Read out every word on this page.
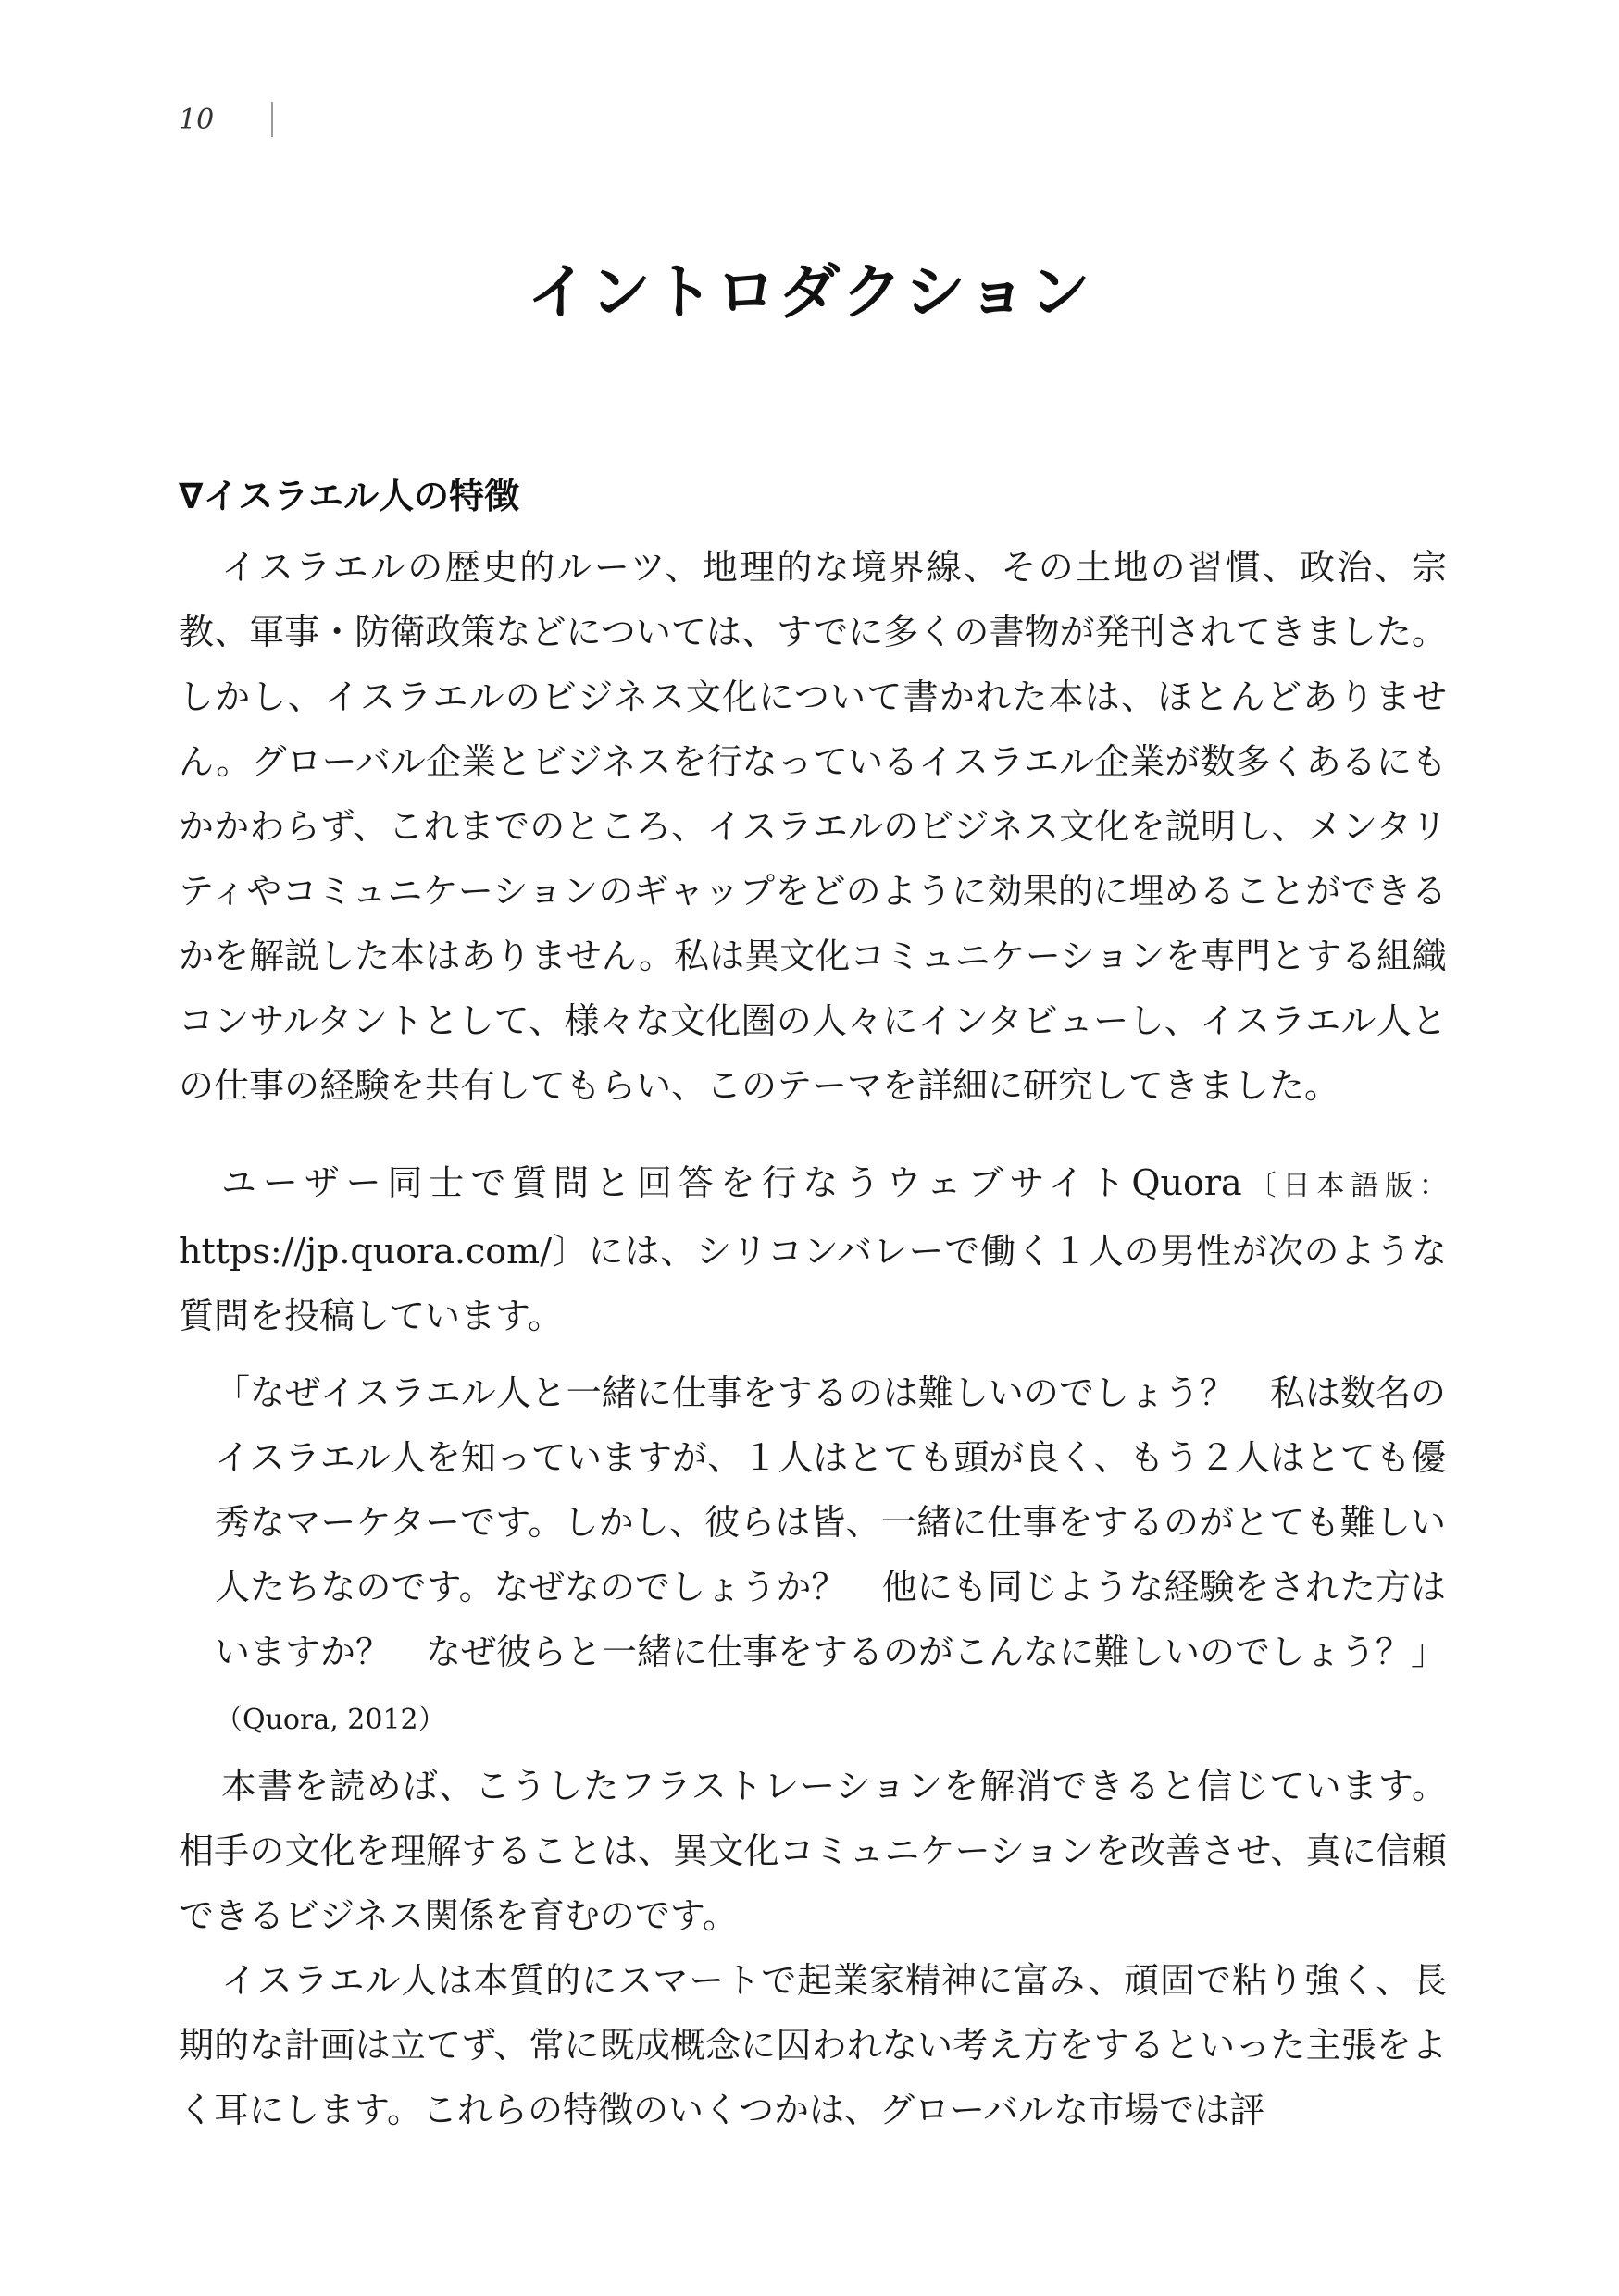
10
イントロダクション
∇イスラエル人の特徴

イスラエルの歴史的ルーツ、地理的な境界線、その土地の習慣、政治、宗教、軍事・防衛政策などについては、すでに多くの書物が発刊されてきました。しかし、イスラエルのビジネス文化について書かれた本は、ほとんどありません。グローバル企業とビジネスを行なっているイスラエル企業が数多くあるにもかかわらず、これまでのところ、イスラエルのビジネス文化を説明し、メンタリティやコミュニケーションのギャップをどのように効果的に埋めることができるかを解説した本はありません。私は異文化コミュニケーションを専門とする組織コンサルタントとして、様々な文化圏の人々にインタビューし、イスラエル人との仕事の経験を共有してもらい、このテーマを詳細に研究してきました。

ユーザー同士で質問と回答を行なうウェブサイトQuora〔日本語版：https://jp.quora.com/〕には、シリコンバレーで働く１人の男性が次のような質問を投稿しています。

「なぜイスラエル人と一緒に仕事をするのは難しいのでしょう？　私は数名のイスラエル人を知っていますが、１人はとても頭が良く、もう２人はとても優秀なマーケターです。しかし、彼らは皆、一緒に仕事をするのがとても難しい人たちなのです。なぜなのでしょうか？　他にも同じような経験をされた方はいますか？　なぜ彼らと一緒に仕事をするのがこんなに難しいのでしょう？」（Quora, 2012）

本書を読めば、こうしたフラストレーションを解消できると信じています。相手の文化を理解することは、異文化コミュニケーションを改善させ、真に信頼できるビジネス関係を育むのです。

イスラエル人は本質的にスマートで起業家精神に富み、頑固で粘り強く、長期的な計画は立てず、常に既成概念に囚われない考え方をするといった主張をよく耳にします。これらの特徴のいくつかは、グローバルな市場では評
